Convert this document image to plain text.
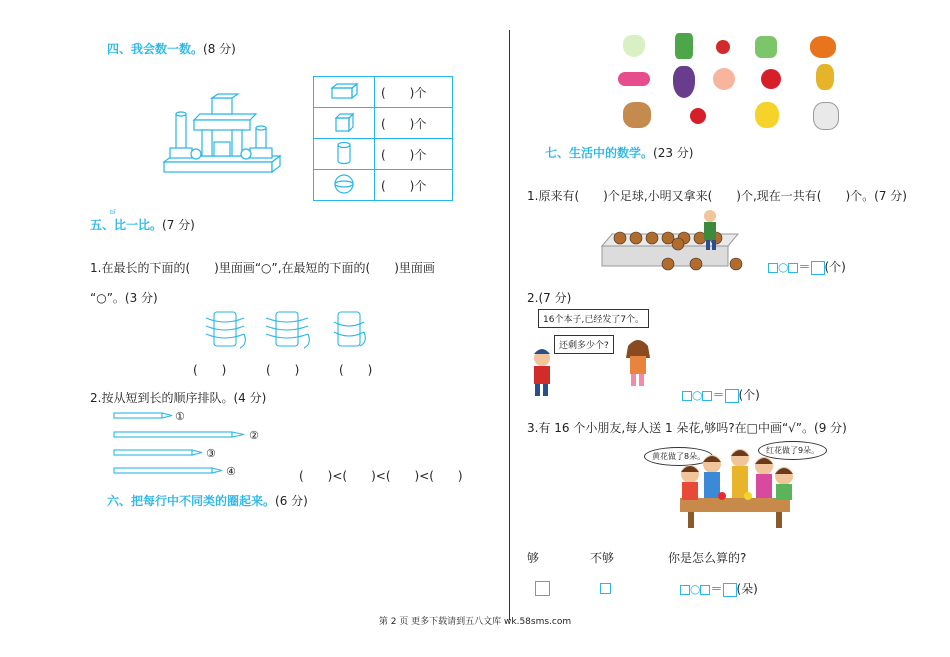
四、我会数一数。(8 分)
	(　　)个
	(　　)个
	(　　)个
	(　　)个
五、比一比。(7 分)
bǐ
1.在最长的下面的(　　)里面画“○”,在最短的下面的(　　)里面画
“○”。(3 分)
(　　)	(　　)	(　　)
2.按从短到长的顺序排队。(4 分)
①
②
③
④	(　　)<(　　)<(　　)<(　　)
六、把每行中不同类的圈起来。(6 分)
七、生活中的数学。(23 分)
1.原来有(　　)个足球,小明又拿来(　　)个,现在一共有(　　)个。(7 分)
○ ＝ (个)
2.(7 分)
16个本子,已经发了7个。
还剩多少个?
○ ＝ (个)
3.有 16 个小朋友,每人送 1 朵花,够吗?在□中画“√”。(9 分)
黄花做了8朵。
红花做了9朵。
够	不够	你是怎么算的?
○ ＝ (朵)
第 2 页 更多下载请到五八文库 wk.58sms.com
